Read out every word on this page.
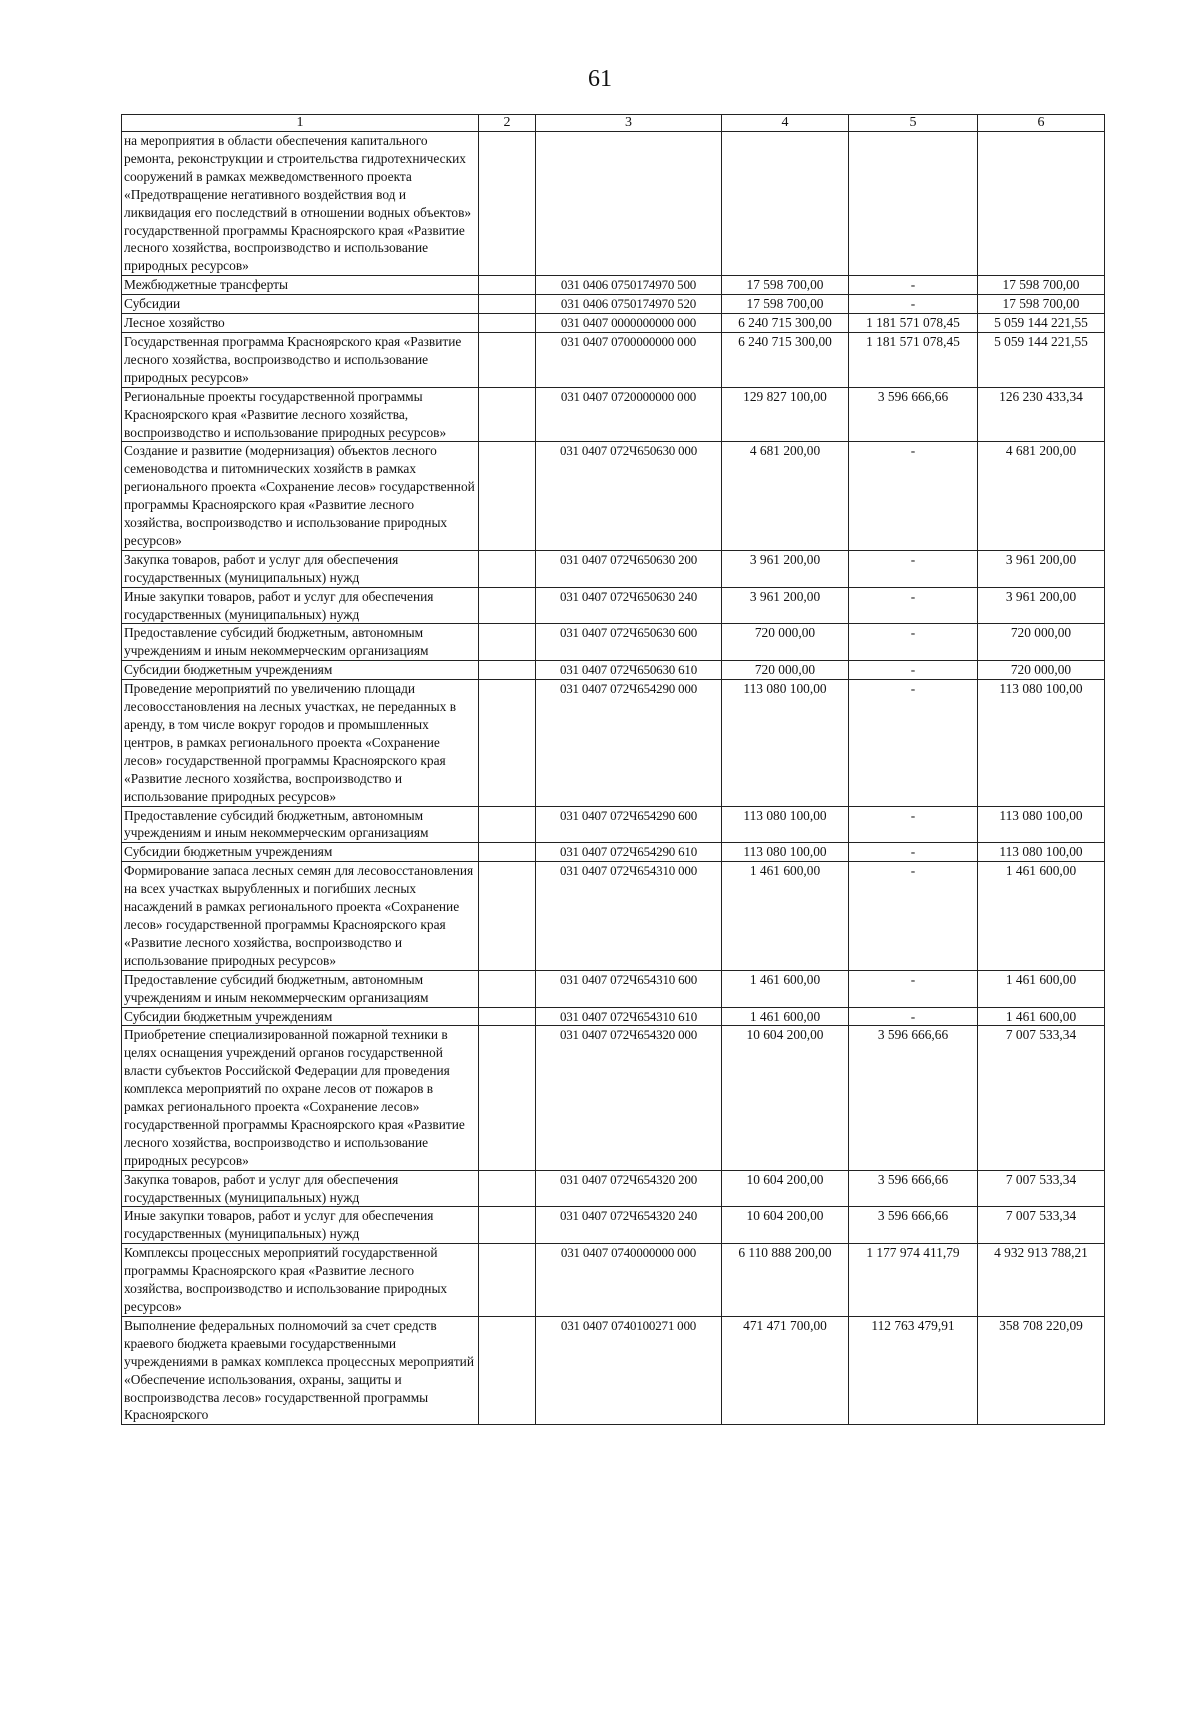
61
1	2	3	4	5	6
на мероприятия в области обеспечения капитального ремонта, реконструкции и строительства гидротехнических сооружений в рамках межведомственного проекта «Предотвращение негативного воздействия вод и ликвидация его последствий в отношении водных объектов» государственной программы Красноярского края «Развитие лесного хозяйства, воспроизводство и использование природных ресурсов»					
Межбюджетные трансферты		031 0406 0750174970 500	17 598 700,00	-	17 598 700,00
Субсидии		031 0406 0750174970 520	17 598 700,00	-	17 598 700,00
Лесное хозяйство		031 0407 0000000000 000	6 240 715 300,00	1 181 571 078,45	5 059 144 221,55
Государственная программа Красноярского края «Развитие лесного хозяйства, воспроизводство и использование природных ресурсов»		031 0407 0700000000 000	6 240 715 300,00	1 181 571 078,45	5 059 144 221,55
Региональные проекты государственной программы Красноярского края «Развитие лесного хозяйства, воспроизводство и использование природных ресурсов»		031 0407 0720000000 000	129 827 100,00	3 596 666,66	126 230 433,34
Создание и развитие (модернизация) объектов лесного семеноводства и питомнических хозяйств в рамках регионального проекта «Сохранение лесов» государственной программы Красноярского края «Развитие лесного хозяйства, воспроизводство и использование природных ресурсов»		031 0407 072Ч650630 000	4 681 200,00	-	4 681 200,00
Закупка товаров, работ и услуг для обеспечения государственных (муниципальных) нужд		031 0407 072Ч650630 200	3 961 200,00	-	3 961 200,00
Иные закупки товаров, работ и услуг для обеспечения государственных (муниципальных) нужд		031 0407 072Ч650630 240	3 961 200,00	-	3 961 200,00
Предоставление субсидий бюджетным, автономным учреждениям и иным некоммерческим организациям		031 0407 072Ч650630 600	720 000,00	-	720 000,00
Субсидии бюджетным учреждениям		031 0407 072Ч650630 610	720 000,00	-	720 000,00
Проведение мероприятий по увеличению площади лесовосстановления на лесных участках, не переданных в аренду, в том числе вокруг городов и промышленных центров, в рамках регионального проекта «Сохранение лесов» государственной программы Красноярского края «Развитие лесного хозяйства, воспроизводство и использование природных ресурсов»		031 0407 072Ч654290 000	113 080 100,00	-	113 080 100,00
Предоставление субсидий бюджетным, автономным учреждениям и иным некоммерческим организациям		031 0407 072Ч654290 600	113 080 100,00	-	113 080 100,00
Субсидии бюджетным учреждениям		031 0407 072Ч654290 610	113 080 100,00	-	113 080 100,00
Формирование запаса лесных семян для лесовосстановления на всех участках вырубленных и погибших лесных насаждений в рамках регионального проекта «Сохранение лесов» государственной программы Красноярского края «Развитие лесного хозяйства, воспроизводство и использование природных ресурсов»		031 0407 072Ч654310 000	1 461 600,00	-	1 461 600,00
Предоставление субсидий бюджетным, автономным учреждениям и иным некоммерческим организациям		031 0407 072Ч654310 600	1 461 600,00	-	1 461 600,00
Субсидии бюджетным учреждениям		031 0407 072Ч654310 610	1 461 600,00	-	1 461 600,00
Приобретение специализированной пожарной техники в целях оснащения учреждений органов государственной власти субъектов Российской Федерации для проведения комплекса мероприятий по охране лесов от пожаров в рамках регионального проекта «Сохранение лесов» государственной программы Красноярского края «Развитие лесного хозяйства, воспроизводство и использование природных ресурсов»		031 0407 072Ч654320 000	10 604 200,00	3 596 666,66	7 007 533,34
Закупка товаров, работ и услуг для обеспечения государственных (муниципальных) нужд		031 0407 072Ч654320 200	10 604 200,00	3 596 666,66	7 007 533,34
Иные закупки товаров, работ и услуг для обеспечения государственных (муниципальных) нужд		031 0407 072Ч654320 240	10 604 200,00	3 596 666,66	7 007 533,34
Комплексы процессных мероприятий государственной программы Красноярского края «Развитие лесного хозяйства, воспроизводство и использование природных ресурсов»		031 0407 0740000000 000	6 110 888 200,00	1 177 974 411,79	4 932 913 788,21
Выполнение федеральных полномочий за счет средств краевого бюджета краевыми государственными учреждениями в рамках комплекса процессных мероприятий «Обеспечение использования, охраны, защиты и воспроизводства лесов» государственной программы Красноярского		031 0407 0740100271 000	471 471 700,00	112 763 479,91	358 708 220,09
